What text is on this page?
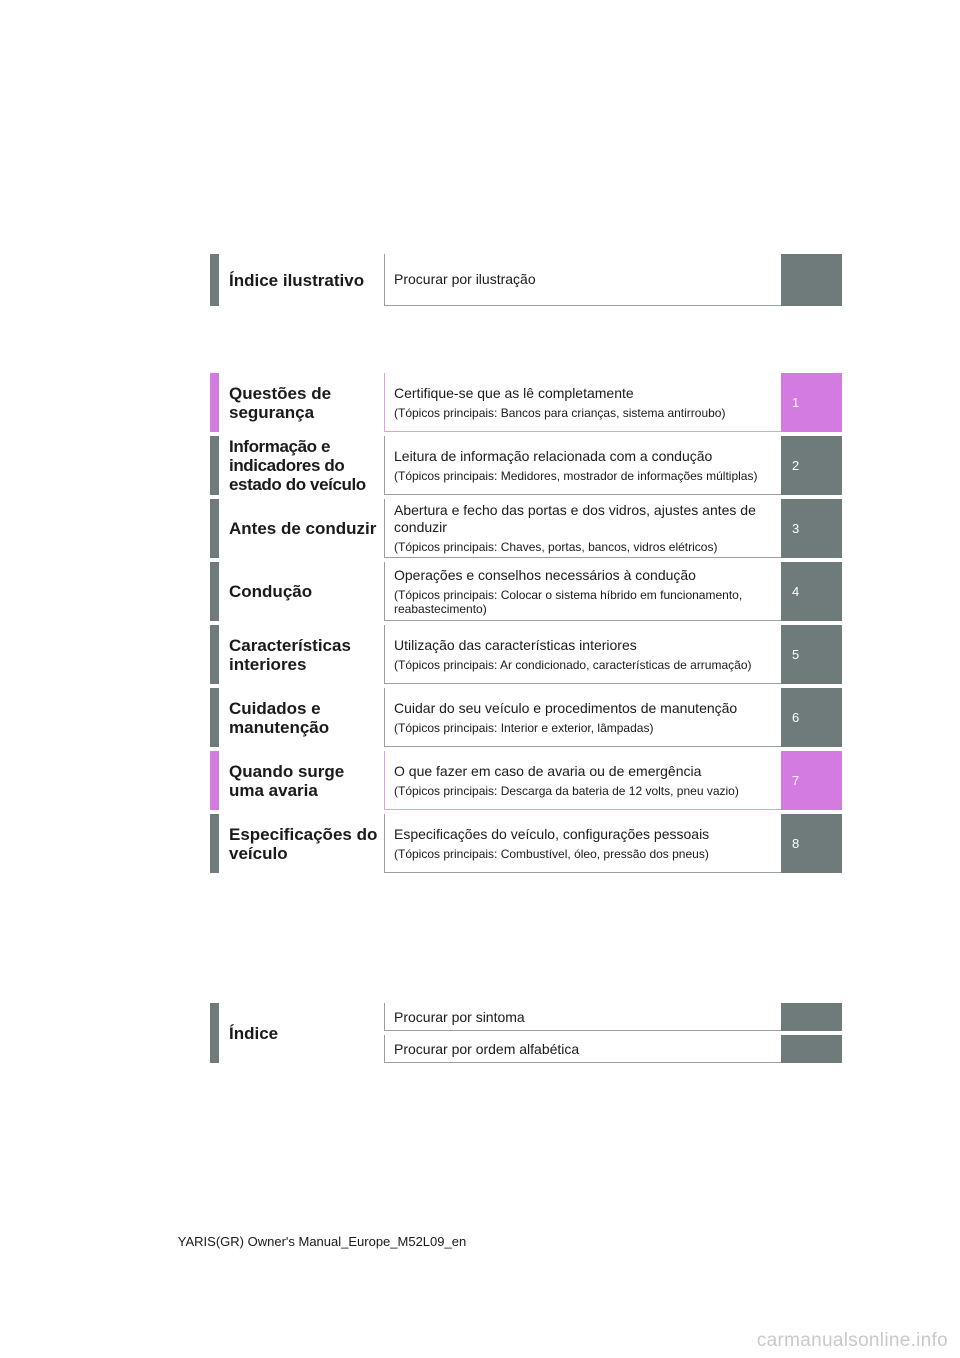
Índice ilustrativo	Procurar por ilustração
Questões de segurança
Certifique-se que as lê completamente
(Tópicos principais: Bancos para crianças, sistema antirroubo)
1
Informação e indicadores do estado do veículo
Leitura de informação relacionada com a condução
(Tópicos principais: Medidores, mostrador de informações múltiplas)
2
Antes de conduzir
Abertura e fecho das portas e dos vidros, ajustes antes de conduzir
(Tópicos principais: Chaves, portas, bancos, vidros elétricos)
3
Condução
Operações e conselhos necessários à condução
(Tópicos principais: Colocar o sistema híbrido em funcionamento, reabastecimento)
4
Características interiores
Utilização das características interiores
(Tópicos principais: Ar condicionado, características de arrumação)
5
Cuidados e manutenção
Cuidar do seu veículo e procedimentos de manutenção
(Tópicos principais: Interior e exterior, lâmpadas)
6
Quando surge uma avaria
O que fazer em caso de avaria ou de emergência
(Tópicos principais: Descarga da bateria de 12 volts, pneu vazio)
7
Especificações do veículo
Especificações do veículo, configurações pessoais
(Tópicos principais: Combustível, óleo, pressão dos pneus)
8
Índice
Procurar por sintoma
Procurar por ordem alfabética
YARIS(GR) Owner's Manual_Europe_M52L09_en
carmanualsonline.info
